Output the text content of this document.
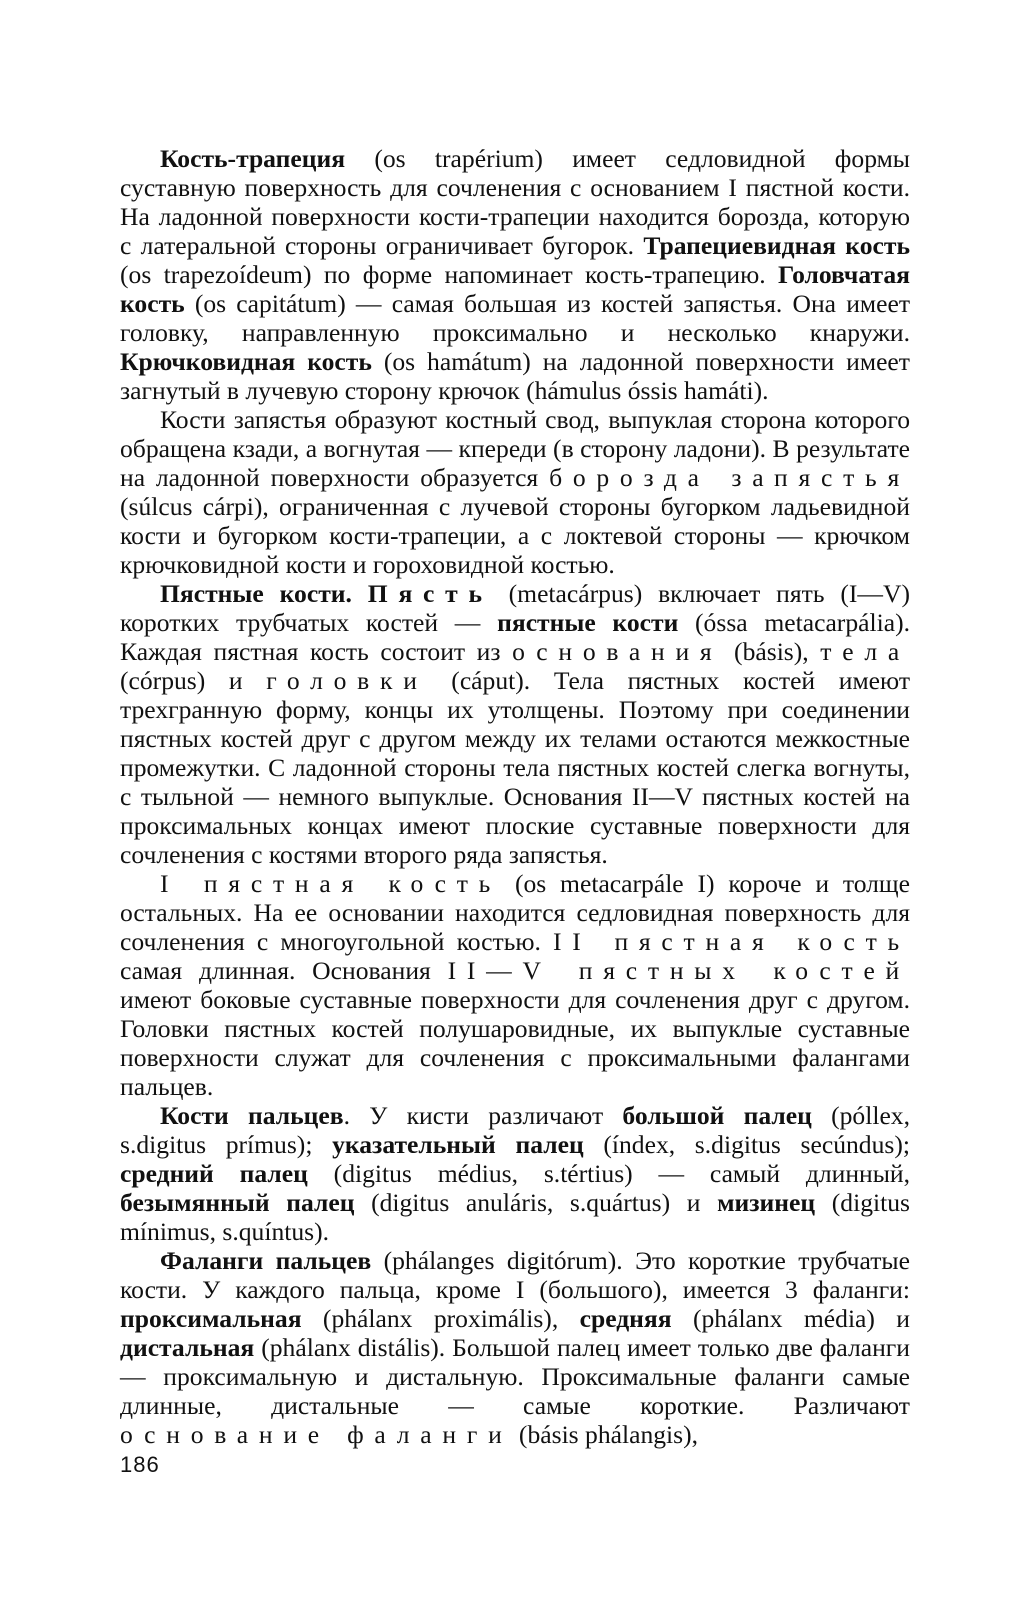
Кость-трапеция (os trapérium) имеет седловидной формы суставную поверхность для сочленения с основанием I пястной кости. На ладонной поверхности кости-трапеции находится борозда, которую с латеральной стороны ограничивает бугорок. Трапециевидная кость (os trapezoídeum) по форме напоминает кость-трапецию. Головчатая кость (os capitátum) — самая большая из костей запястья. Она имеет головку, направленную проксимально и несколько кнаружи. Крючковидная кость (os hamátum) на ладонной поверхности имеет загнутый в лучевую сторону крючок (hámulus óssis hamáti).

Кости запястья образуют костный свод, выпуклая сторона которого обращена кзади, а вогнутая — кпереди (в сторону ладони). В результате на ладонной поверхности образуется борозда запястья (súlcus cárpi), ограниченная с лучевой стороны бугорком ладьевидной кости и бугорком кости-трапеции, а с локтевой стороны — крючком крючковидной кости и гороховидной костью.

Пястные кости. Пясть (metacárpus) включает пять (I—V) коротких трубчатых костей — пястные кости (óssa metacarpália). Каждая пястная кость состоит из основания (básis), тела (córpus) и головки (cáput). Тела пястных костей имеют трехгранную форму, концы их утолщены. Поэтому при соединении пястных костей друг с другом между их телами остаются межкостные промежутки. С ладонной стороны тела пястных костей слегка вогнуты, с тыльной — немного выпуклые. Основания II—V пястных костей на проксимальных концах имеют плоские суставные поверхности для сочленения с костями второго ряда запястья.

I пястная кость (os metacarpále I) короче и толще остальных. На ее основании находится седловидная поверхность для сочленения с многоугольной костью. II пястная кость самая длинная. Основания II—V пястных костей имеют боковые суставные поверхности для сочленения друг с другом. Головки пястных костей полушаровидные, их выпуклые суставные поверхности служат для сочленения с проксимальными фалангами пальцев.

Кости пальцев. У кисти различают большой палец (póllex, s.digitus prímus); указательный палец (índex, s.digitus secúndus); средний палец (digitus médius, s.tértius) — самый длинный, безымянный палец (digitus anuláris, s.quártus) и мизинец (digitus mínimus, s.quíntus).

Фаланги пальцев (phálanges digitórum). Это короткие трубчатые кости. У каждого пальца, кроме I (большого), имеется 3 фаланги: проксимальная (phálanx proximális), средняя (phálanx média) и дистальная (phálanx distális). Большой палец имеет только две фаланги — проксимальную и дистальную. Проксимальные фаланги самые длинные, дистальные — самые короткие. Различают основание фаланги (básis phálangis),

186
